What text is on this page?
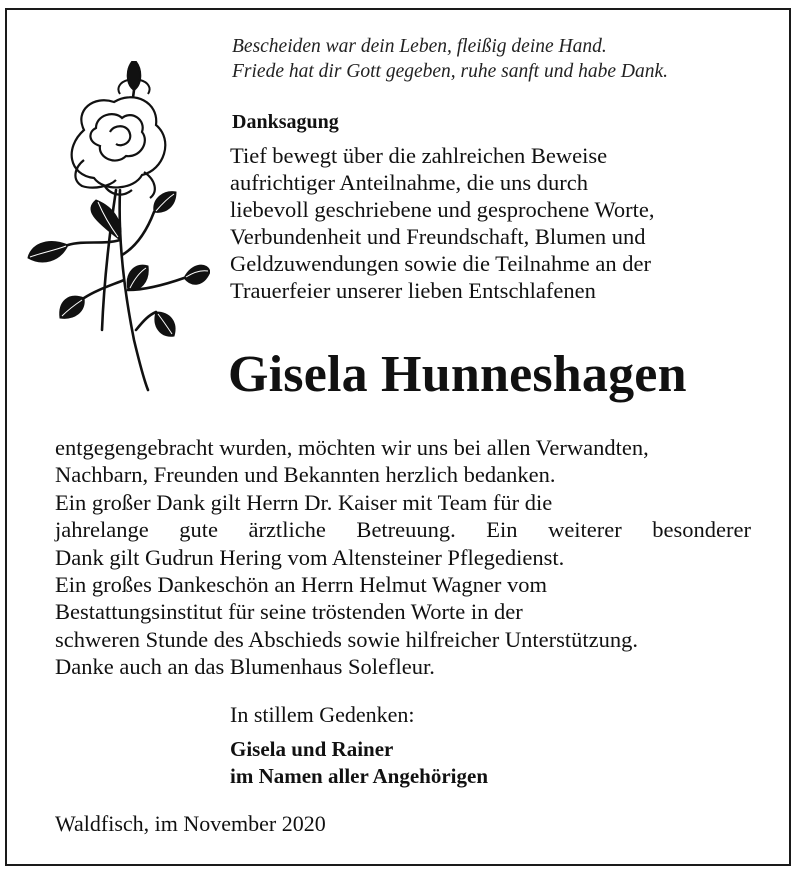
Bescheiden war dein Leben, fleißig deine Hand.
Friede hat dir Gott gegeben, ruhe sanft und habe Dank.
Danksagung
Tief bewegt über die zahlreichen Beweise
aufrichtiger Anteilnahme, die uns durch
liebevoll geschriebene und gesprochene Worte,
Verbundenheit und Freundschaft, Blumen und
Geldzuwendungen sowie die Teilnahme an der
Trauerfeier unserer lieben Entschlafenen
Gisela Hunneshagen
entgegengebracht wurden, möchten wir uns bei allen Verwandten,
Nachbarn, Freunden und Bekannten herzlich bedanken.
Ein großer Dank gilt Herrn Dr. Kaiser mit Team für die
jahrelange gute ärztliche Betreuung. Ein weiterer besonderer
Dank gilt Gudrun Hering vom Altensteiner Pflegedienst.
Ein großes Dankeschön an Herrn Helmut Wagner vom
Bestattungsinstitut für seine tröstenden Worte in der
schweren Stunde des Abschieds sowie hilfreicher Unterstützung.
Danke auch an das Blumenhaus Solefleur.
In stillem Gedenken:
Gisela und Rainer
im Namen aller Angehörigen
Waldfisch, im November 2020
